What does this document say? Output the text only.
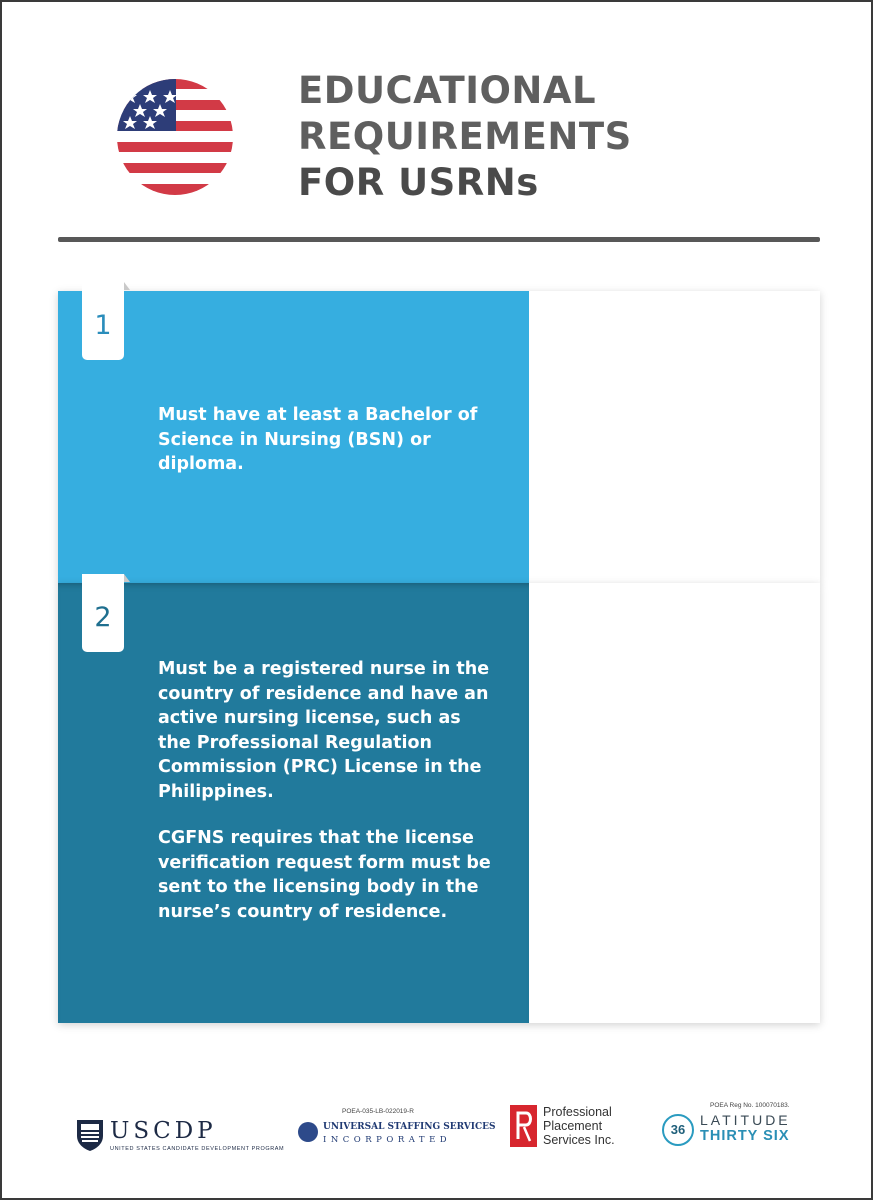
EDUCATIONAL
REQUIREMENTS
FOR USRNs
1

Must have at least a Bachelor of Science in Nursing (BSN) or diploma.

2

Must be a registered nurse in the country of residence and have an active nursing license, such as the Professional Regulation Commission (PRC) License in the Philippines.

CGFNS requires that the license verification request form must be sent to the licensing body in the nurse’s country of residence.

USCDP
UNITED STATES CANDIDATE DEVELOPMENT PROGRAM
POEA-035-LB-022019-R
UNIVERSAL STAFFING SERVICES
INCORPORATED
Professional
Placement
Services Inc.
POEA Reg No. 100070183.
36
LATITUDE
THIRTY SIX
